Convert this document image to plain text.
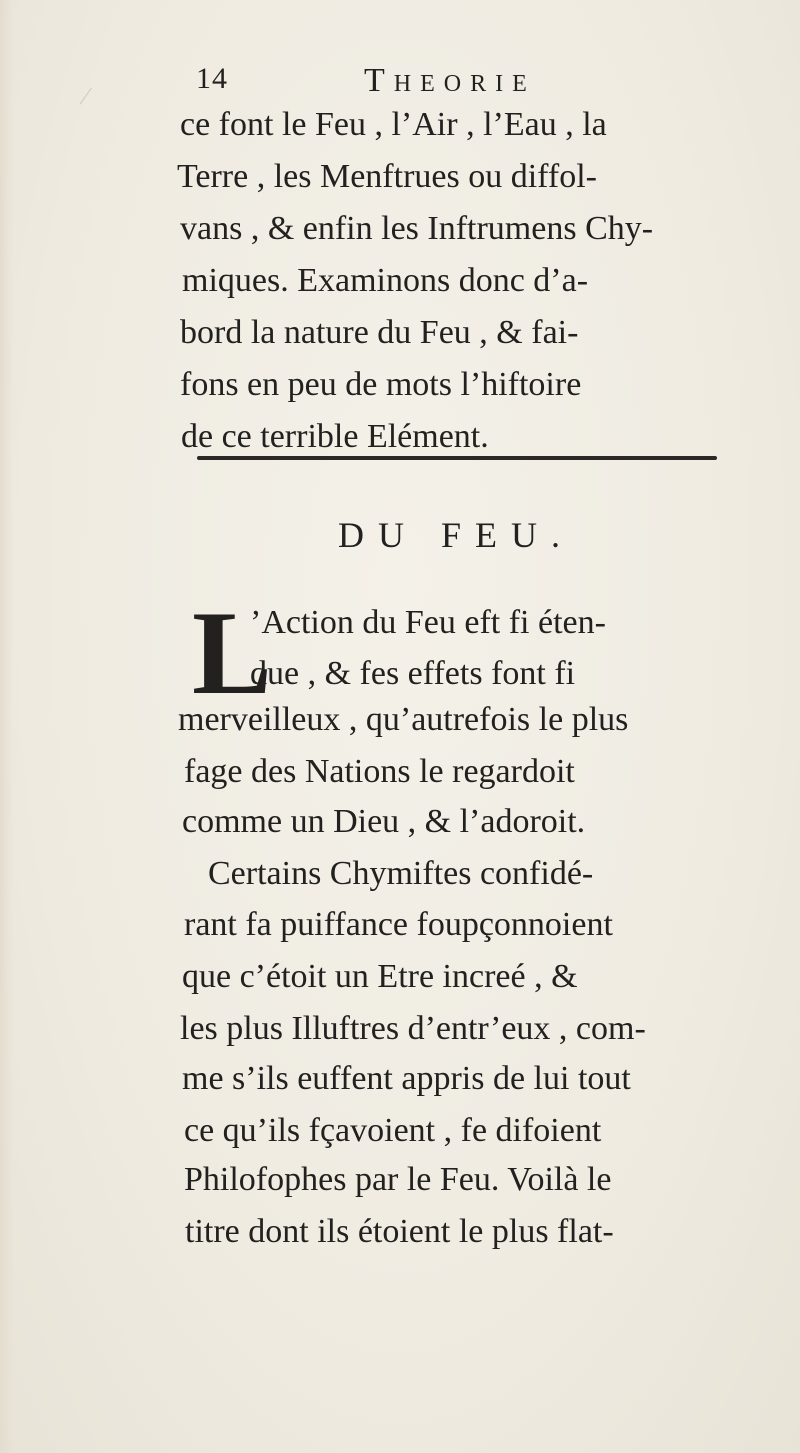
14	Theorie
ce font le Feu , l’Air , l’Eau , la
Terre , les Menftrues ou diffol-
vans , & enfin les Inftrumens Chy-
miques. Examinons donc d’a-
bord la nature du Feu , & fai-
fons en peu de mots l’hiftoire
de ce terrible Elément.
DU FEU.
L
’Action du Feu eft fi éten-
due , & fes effets font fi
merveilleux , qu’autrefois le plus
fage des Nations le regardoit
comme un Dieu , & l’adoroit.
Certains Chymiftes confidé-
rant fa puiffance foupçonnoient
que c’étoit un Etre increé , &
les plus Illuftres d’entr’eux , com-
me s’ils euffent appris de lui tout
ce qu’ils fçavoient , fe difoient
Philofophes par le Feu. Voilà le
titre dont ils étoient le plus flat-
